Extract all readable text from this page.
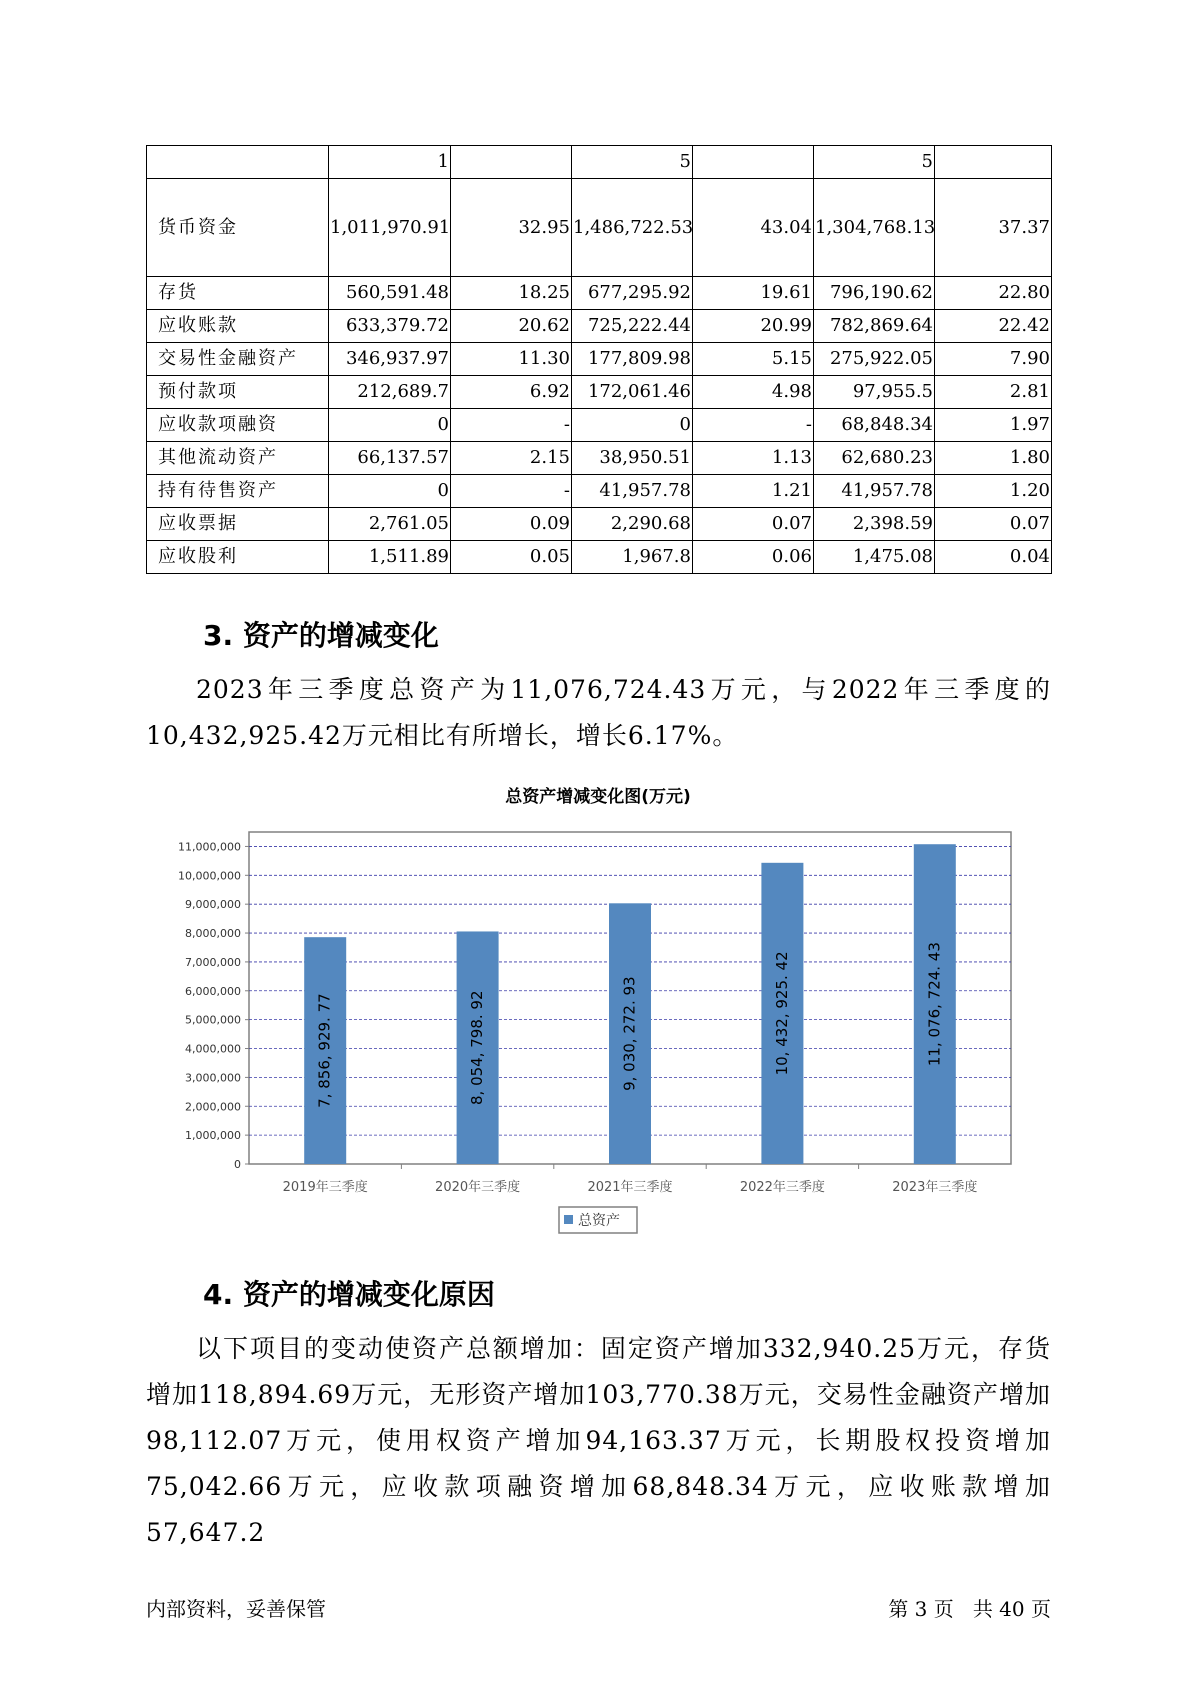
	1		5		5	
货币资金	1,011,970.91	32.95	1,486,722.53	43.04	1,304,768.13	37.37
存货	560,591.48	18.25	677,295.92	19.61	796,190.62	22.80
应收账款	633,379.72	20.62	725,222.44	20.99	782,869.64	22.42
交易性金融资产	346,937.97	11.30	177,809.98	5.15	275,922.05	7.90
预付款项	212,689.7	6.92	172,061.46	4.98	97,955.5	2.81
应收款项融资	0	-	0	-	68,848.34	1.97
其他流动资产	66,137.57	2.15	38,950.51	1.13	62,680.23	1.80
持有待售资产	0	-	41,957.78	1.21	41,957.78	1.20
应收票据	2,761.05	0.09	2,290.68	0.07	2,398.59	0.07
应收股利	1,511.89	0.05	1,967.8	0.06	1,475.08	0.04
3. 资产的增减变化

2023年三季度总资产为11,076,724.43万元，与2022年三季度的10,432,925.42万元相比有所增长，增长6.17%。

总资产增减变化图(万元)
0
1,000,000
2,000,000
3,000,000
4,000,000
5,000,000
6,000,000
7,000,000
8,000,000
9,000,000
10,000,000
11,000,000
7, 856, 929. 77
2019年三季度
8, 054, 798. 92
2020年三季度
9, 030, 272. 93
2021年三季度
10, 432, 925. 42
2022年三季度
11, 076, 724. 43
2023年三季度
总资产
4. 资产的增减变化原因

以下项目的变动使资产总额增加：固定资产增加332,940.25万元，存货增加118,894.69万元，无形资产增加103,770.38万元，交易性金融资产增加98,112.07万元，使用权资产增加94,163.37万元，长期股权投资增加75,042.66万元，应收款项融资增加68,848.34万元，应收账款增加57,647.2

内部资料，妥善保管	第 3 页   共 40 页
